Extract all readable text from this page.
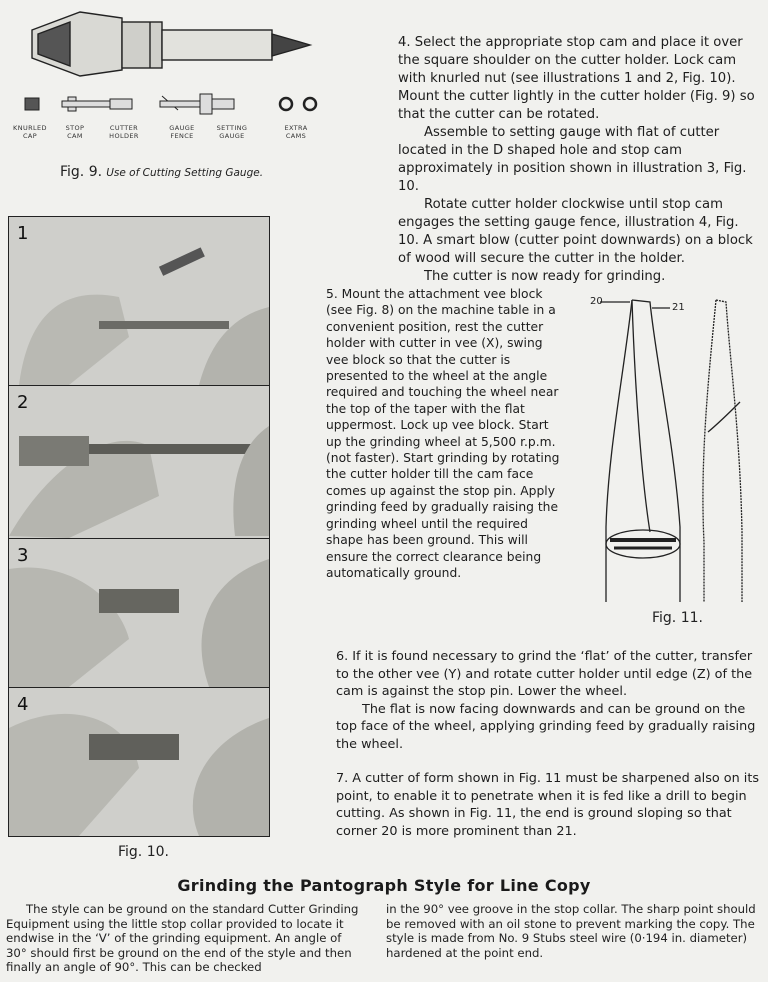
KNURLED
CAP
STOP
CAM
CUTTER
HOLDER
GAUGE
FENCE
SETTING
GAUGE
EXTRA
CAMS
Fig. 9. Use of Cutting Setting Gauge.

4. Select the appropriate stop cam and place it over the square shoulder on the cutter holder. Lock cam with knurled nut (see illustrations 1 and 2, Fig. 10). Mount the cutter lightly in the cutter holder (Fig. 9) so that the cutter can be rotated.

Assemble to setting gauge with flat of cutter located in the D shaped hole and stop cam approximately in position shown in illustration 3, Fig. 10.

Rotate cutter holder clockwise until stop cam engages the setting gauge fence, illustration 4, Fig. 10. A smart blow (cutter point downwards) on a block of wood will secure the cutter in the holder.

The cutter is now ready for grinding.

1
2
3
4
Fig. 10.

5. Mount the attachment vee block (see Fig. 8) on the machine table in a convenient position, rest the cutter holder with cutter in vee (X), swing vee block so that the cutter is presented to the wheel at the angle required and touching the wheel near the top of the taper with the flat uppermost. Lock up vee block. Start up the grinding wheel at 5,500 r.p.m. (not faster). Start grinding by rotating the cutter holder till the cam face comes up against the stop pin. Apply grinding feed by gradually raising the grinding wheel until the required shape has been ground. This will ensure the correct clearance being automatically ground.

20
21
Fig. 11.

6. If it is found necessary to grind the ‘flat’ of the cutter, transfer to the other vee (Y) and rotate cutter holder until edge (Z) of the cam is against the stop pin. Lower the wheel.

The flat is now facing downwards and can be ground on the top face of the wheel, applying grinding feed by gradually raising the wheel.

7. A cutter of form shown in Fig. 11 must be sharpened also on its point, to enable it to penetrate when it is fed like a drill to begin cutting. As shown in Fig. 11, the end is ground sloping so that corner 20 is more prominent than 21.

Grinding the Pantograph Style for Line Copy
The style can be ground on the standard Cutter Grinding Equipment using the little stop collar provided to locate it endwise in the ‘V’ of the grinding equipment. An angle of 30° should first be ground on the end of the style and then finally an angle of 90°. This can be checked
in the 90° vee groove in the stop collar. The sharp point should be removed with an oil stone to prevent marking the copy. The style is made from No. 9 Stubs steel wire (0·194 in. diameter) hardened at the point end.
